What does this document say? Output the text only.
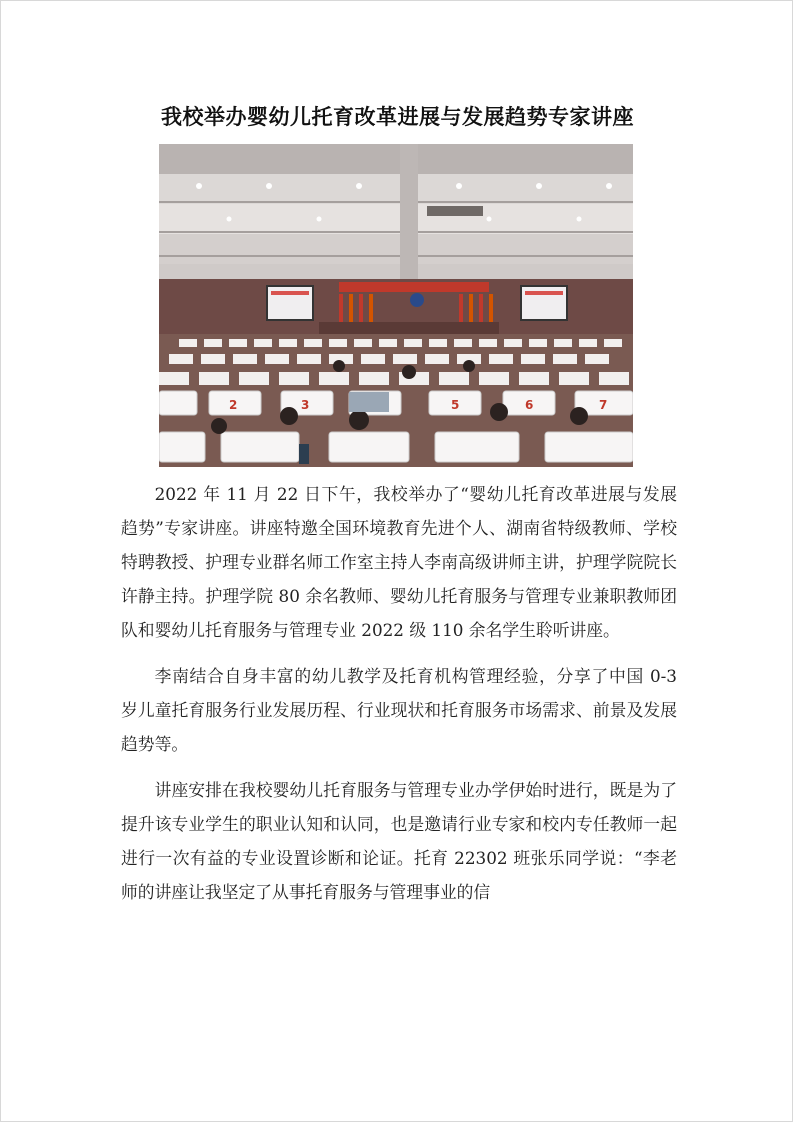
我校举办婴幼儿托育改革进展与发展趋势专家讲座
2	3	5	6	7

2022 年 11 月 22 日下午，我校举办了“婴幼儿托育改革进展与发展趋势”专家讲座。讲座特邀全国环境教育先进个人、湖南省特级教师、学校特聘教授、护理专业群名师工作室主持人李南高级讲师主讲，护理学院院长许静主持。护理学院 80 余名教师、婴幼儿托育服务与管理专业兼职教师团队和婴幼儿托育服务与管理专业 2022 级 110 余名学生聆听讲座。

李南结合自身丰富的幼儿教学及托育机构管理经验，分享了中国 0-3 岁儿童托育服务行业发展历程、行业现状和托育服务市场需求、前景及发展趋势等。

讲座安排在我校婴幼儿托育服务与管理专业办学伊始时进行，既是为了提升该专业学生的职业认知和认同，也是邀请行业专家和校内专任教师一起进行一次有益的专业设置诊断和论证。托育 22302 班张乐同学说：“李老师的讲座让我坚定了从事托育服务与管理事业的信
